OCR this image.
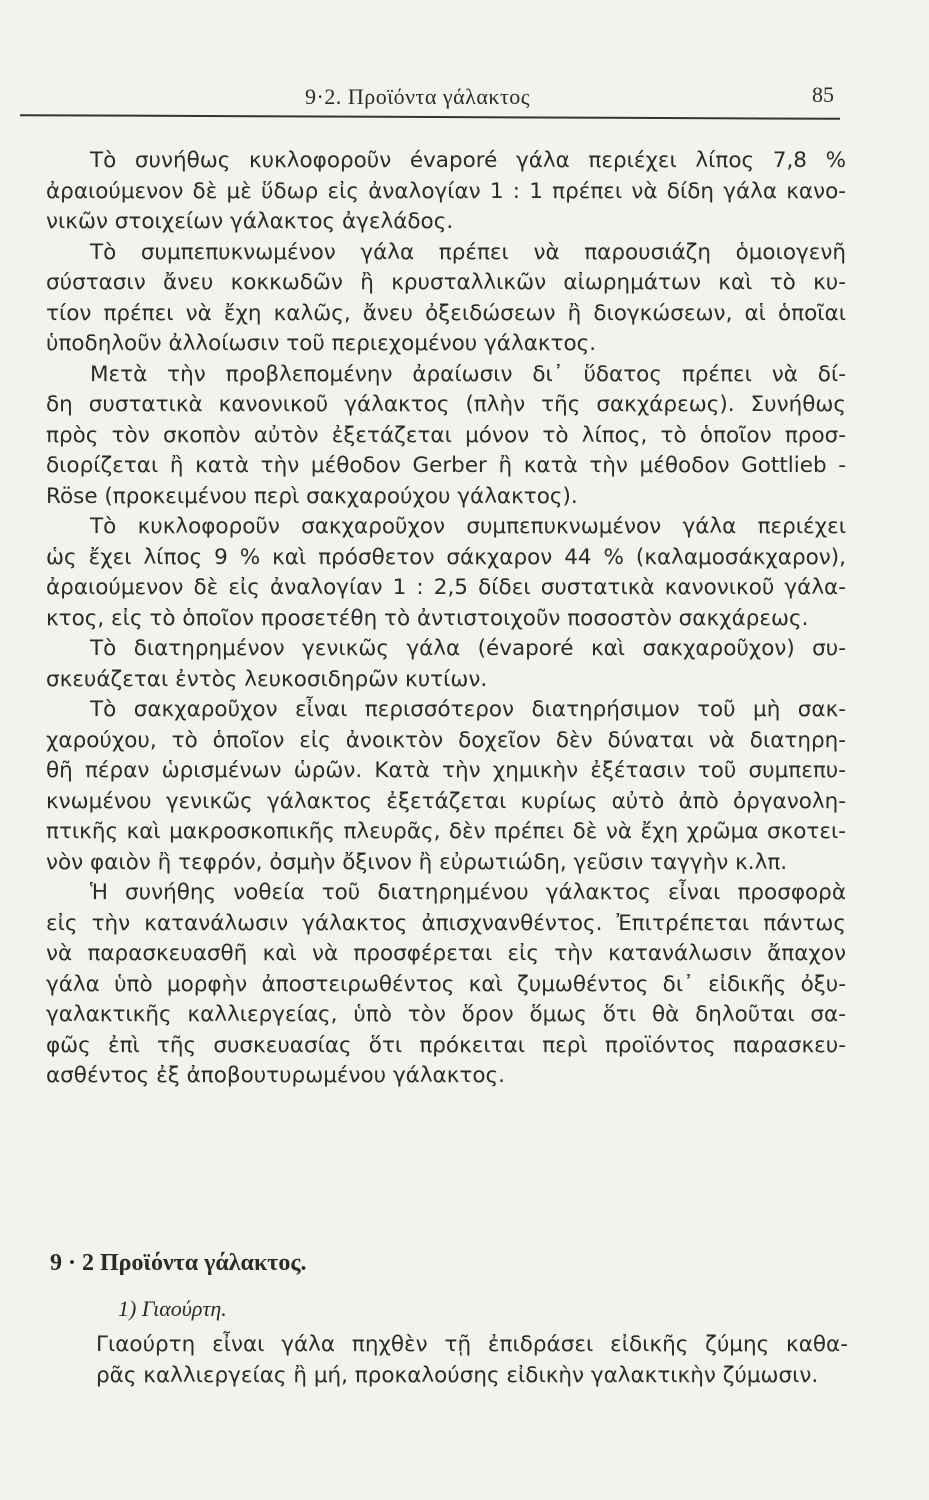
9·2. Προϊόντα γάλακτος	85
Τὸ συνήθως κυκλοφοροῦν évaporé γάλα περιέχει λίπος 7,8 %
ἀραιούμενον δὲ μὲ ὕδωρ εἰς ἀναλογίαν 1 : 1 πρέπει νὰ δίδη γάλα κανο-
νικῶν στοιχείων γάλακτος ἀγελάδος.
Τὸ συμπεπυκνωμένον γάλα πρέπει νὰ παρουσιάζη ὁμοιογενῆ
σύστασιν ἄνευ κοκκωδῶν ἢ κρυσταλλικῶν αἰωρημάτων καὶ τὸ κυ-
τίον πρέπει νὰ ἔχη καλῶς, ἄνευ ὀξειδώσεων ἢ διογκώσεων, αἱ ὁποῖαι
ὑποδηλοῦν ἀλλοίωσιν τοῦ περιεχομένου γάλακτος.
Μετὰ τὴν προβλεπομένην ἀραίωσιν δι᾽ ὕδατος πρέπει νὰ δί-
δη συστατικὰ κανονικοῦ γάλακτος (πλὴν τῆς σακχάρεως). Συνήθως
πρὸς τὸν σκοπὸν αὐτὸν ἐξετάζεται μόνον τὸ λίπος, τὸ ὁποῖον προσ-
διορίζεται ἢ κατὰ τὴν μέθοδον Gerber ἢ κατὰ τὴν μέθοδον Gottlieb -
Röse (προκειμένου περὶ σακχαρούχου γάλακτος).
Τὸ κυκλοφοροῦν σακχαροῦχον συμπεπυκνωμένον γάλα περιέχει
ὡς ἔχει λίπος 9 % καὶ πρόσθετον σάκχαρον 44 % (καλαμοσάκχαρον),
ἀραιούμενον δὲ εἰς ἀναλογίαν 1 : 2,5 δίδει συστατικὰ κανονικοῦ γάλα-
κτος, εἰς τὸ ὁποῖον προσετέθη τὸ ἀντιστοιχοῦν ποσοστὸν σακχάρεως.
Τὸ διατηρημένον γενικῶς γάλα (évaporé καὶ σακχαροῦχον) συ-
σκευάζεται ἐντὸς λευκοσιδηρῶν κυτίων.
Τὸ σακχαροῦχον εἶναι περισσότερον διατηρήσιμον τοῦ μὴ σακ-
χαρούχου, τὸ ὁποῖον εἰς ἀνοικτὸν δοχεῖον δὲν δύναται νὰ διατηρη-
θῆ πέραν ὡρισμένων ὡρῶν. Κατὰ τὴν χημικὴν ἐξέτασιν τοῦ συμπεπυ-
κνωμένου γενικῶς γάλακτος ἐξετάζεται κυρίως αὐτὸ ἀπὸ ὀργανολη-
πτικῆς καὶ μακροσκοπικῆς πλευρᾶς, δὲν πρέπει δὲ νὰ ἔχη χρῶμα σκοτει-
νὸν φαιὸν ἢ τεφρόν, ὀσμὴν ὄξινον ἢ εὐρωτιώδη, γεῦσιν ταγγὴν κ.λπ.
Ἡ συνήθης νοθεία τοῦ διατηρημένου γάλακτος εἶναι προσφορὰ
εἰς τὴν κατανάλωσιν γάλακτος ἀπισχνανθέντος. Ἐπιτρέπεται πάντως
νὰ παρασκευασθῆ καὶ νὰ προσφέρεται εἰς τὴν κατανάλωσιν ἄπαχον
γάλα ὑπὸ μορφὴν ἀποστειρωθέντος καὶ ζυμωθέντος δι᾽ εἰδικῆς ὀξυ-
γαλακτικῆς καλλιεργείας, ὑπὸ τὸν ὅρον ὅμως ὅτι θὰ δηλοῦται σα-
φῶς ἐπὶ τῆς συσκευασίας ὅτι πρόκειται περὶ προϊόντος παρασκευ-
ασθέντος ἐξ ἀποβουτυρωμένου γάλακτος.
9 · 2 Προϊόντα γάλακτος.
1) Γιαούρτη.
Γιαούρτη εἶναι γάλα πηχθὲν τῇ ἐπιδράσει εἰδικῆς ζύμης καθα-
ρᾶς καλλιεργείας ἢ μή, προκαλούσης εἰδικὴν γαλακτικὴν ζύμωσιν.
